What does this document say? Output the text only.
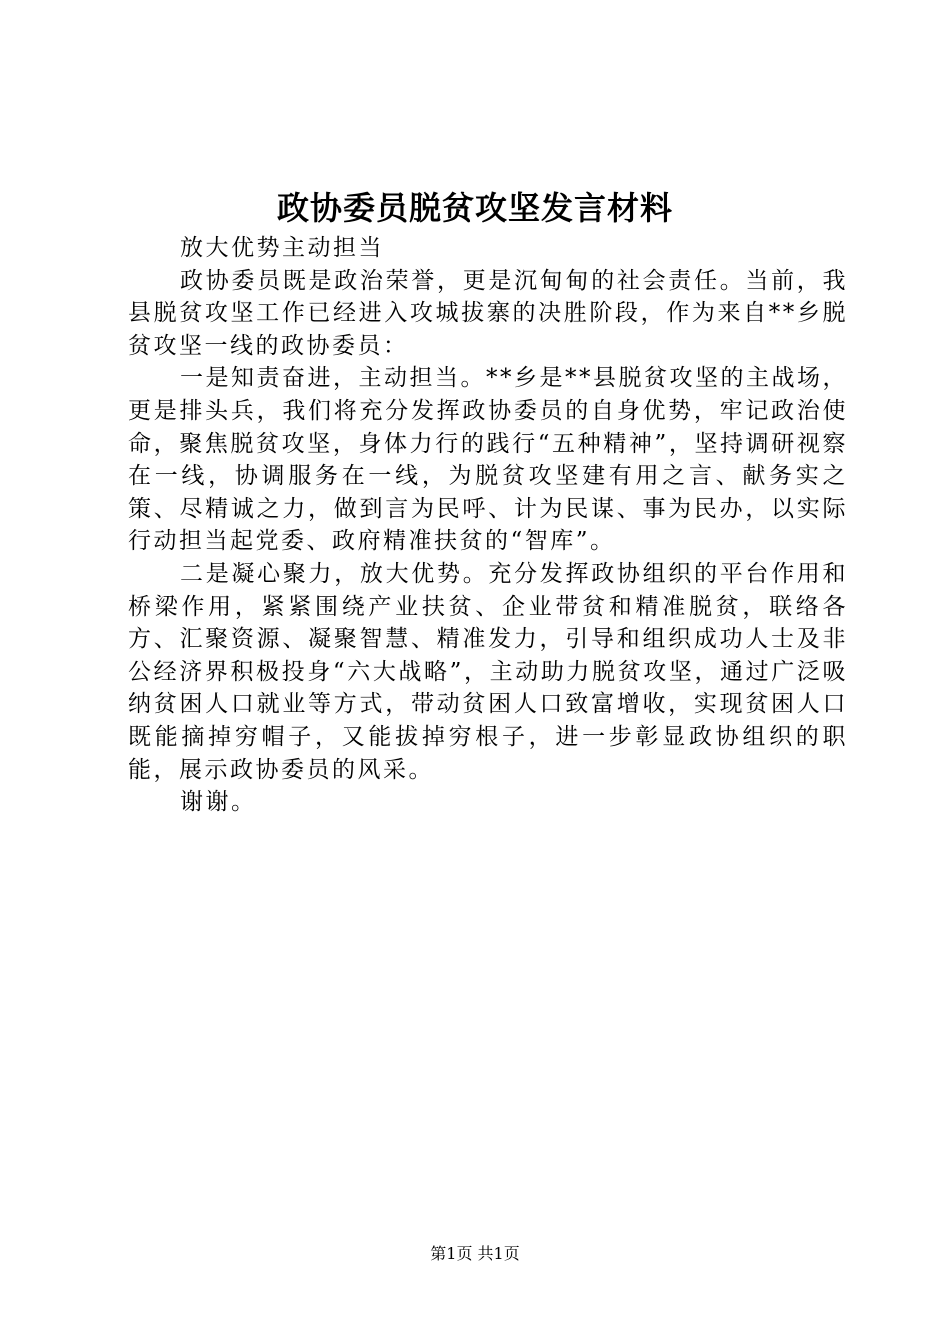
政协委员脱贫攻坚发言材料

放大优势主动担当

政协委员既是政治荣誉，更是沉甸甸的社会责任。当前，我县脱贫攻坚工作已经进入攻城拔寨的决胜阶段，作为来自**乡脱贫攻坚一线的政协委员：

一是知责奋进，主动担当。**乡是**县脱贫攻坚的主战场，更是排头兵，我们将充分发挥政协委员的自身优势，牢记政治使命，聚焦脱贫攻坚，身体力行的践行“五种精神”，坚持调研视察在一线，协调服务在一线，为脱贫攻坚建有用之言、献务实之策、尽精诚之力，做到言为民呼、计为民谋、事为民办，以实际行动担当起党委、政府精准扶贫的“智库”。

二是凝心聚力，放大优势。充分发挥政协组织的平台作用和桥梁作用，紧紧围绕产业扶贫、企业带贫和精准脱贫，联络各方、汇聚资源、凝聚智慧、精准发力，引导和组织成功人士及非公经济界积极投身“六大战略”，主动助力脱贫攻坚，通过广泛吸纳贫困人口就业等方式，带动贫困人口致富增收，实现贫困人口既能摘掉穷帽子，又能拔掉穷根子，进一步彰显政协组织的职能，展示政协委员的风采。

谢谢。

第1页 共1页
